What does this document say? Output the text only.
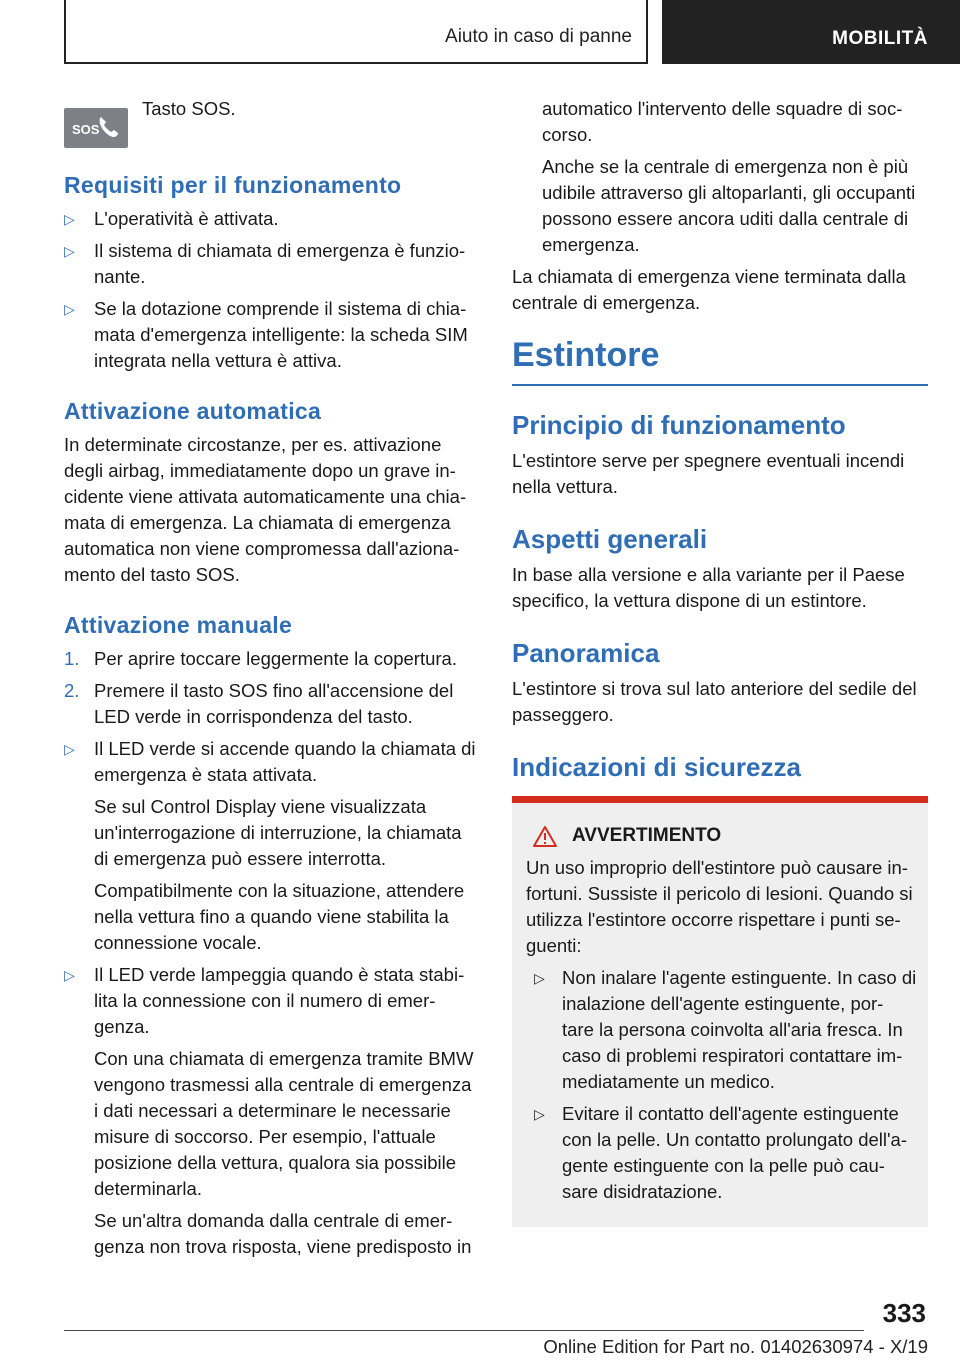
Aiuto in caso di panne	MOBILITÀ
SOS
Tasto SOS.
Requisiti per il funzionamento
▷	L'operatività è attivata.
▷	Il sistema di chiamata di emergenza è funzio‐ nante.
▷	Se la dotazione comprende il sistema di chia‐ mata d'emergenza intelligente: la scheda SIM integrata nella vettura è attiva.
Attivazione automatica

In determinate circostanze, per es. attivazione degli airbag, immediatamente dopo un grave in‐ cidente viene attivata automaticamente una chia‐ mata di emergenza. La chiamata di emergenza automatica non viene compromessa dall'aziona‐ mento del tasto SOS.

Attivazione manuale
1. Per aprire toccare leggermente la copertura.
2. Premere il tasto SOS fino all'accensione del LED verde in corrispondenza del tasto.
▷	Il LED verde si accende quando la chiamata di emergenza è stata attivata.
Se sul Control Display viene visualizzata un'interrogazione di interruzione, la chiamata di emergenza può essere interrotta.
Compatibilmente con la situazione, attendere nella vettura fino a quando viene stabilita la connessione vocale.
▷	Il LED verde lampeggia quando è stata stabi‐ lita la connessione con il numero di emer‐ genza.
Con una chiamata di emergenza tramite BMW vengono trasmessi alla centrale di emergenza i dati necessari a determinare le necessarie misure di soccorso. Per esempio, l'attuale posizione della vettura, qualora sia possibile determinarla.
Se un'altra domanda dalla centrale di emer‐ genza non trova risposta, viene predisposto in
automatico l'intervento delle squadre di soc‐ corso.
Anche se la centrale di emergenza non è più udibile attraverso gli altoparlanti, gli occupanti possono essere ancora uditi dalla centrale di emergenza.

La chiamata di emergenza viene terminata dalla centrale di emergenza.

Estintore
Principio di funzionamento

L'estintore serve per spegnere eventuali incendi nella vettura.

Aspetti generali

In base alla versione e alla variante per il Paese specifico, la vettura dispone di un estintore.

Panoramica

L'estintore si trova sul lato anteriore del sedile del passeggero.

Indicazioni di sicurezza
AVVERTIMENTO

Un uso improprio dell'estintore può causare in‐ fortuni. Sussiste il pericolo di lesioni. Quando si utilizza l'estintore occorre rispettare i punti se‐ guenti:

▷ Non inalare l'agente estinguente. In caso di inalazione dell'agente estinguente, por‐ tare la persona coinvolta all'aria fresca. In caso di problemi respiratori contattare im‐ mediatamente un medico.
▷ Evitare il contatto dell'agente estinguente con la pelle. Un contatto prolungato dell'a‐ gente estinguente con la pelle può cau‐ sare disidratazione.
333
Online Edition for Part no. 01402630974 - X/19
